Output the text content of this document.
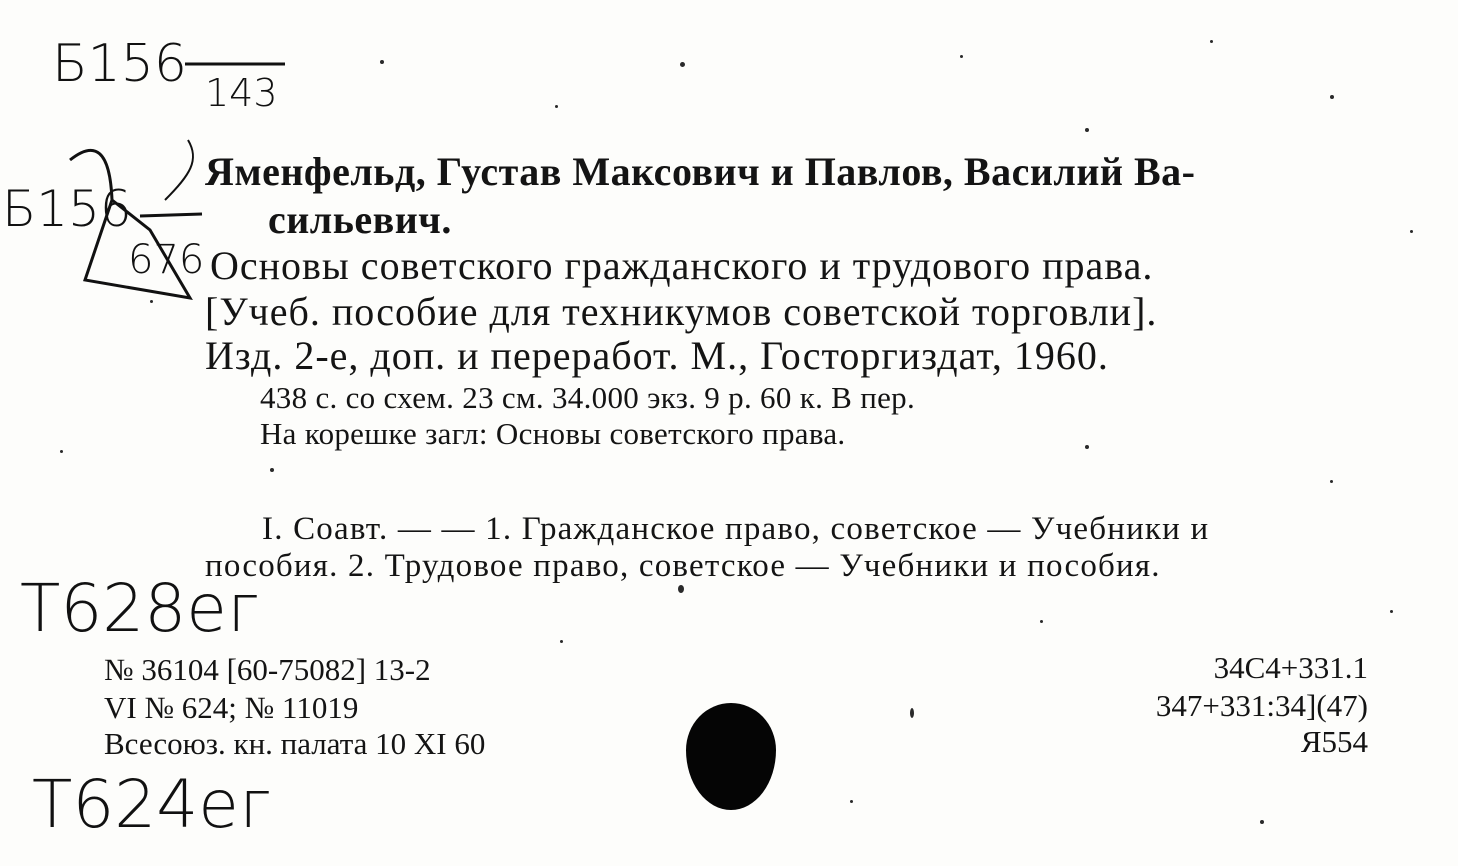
Б156 143
Б156
676
Яменфельд, Густав Максович и Павлов, Василий Ва-
сильевич.
Основы советского гражданского и трудового права.
[Учеб. пособие для техникумов советской торговли].
Изд. 2-е, доп. и переработ. М., Госторгиздат, 1960.
438 с. со схем. 23 см. 34.000 экз. 9 р. 60 к. В пер.
На корешке загл: Основы советского права.
I. Соавт. — — 1. Гражданское право, советское — Учебники и
пособия. 2. Трудовое право, советское — Учебники и пособия.
Т628ег
Т624ег
№ 36104 [60-75082] 13-2
VI № 624; № 11019
Всесоюз. кн. палата 10 XI 60
34С4+331.1
347+331:34](47)
Я554
